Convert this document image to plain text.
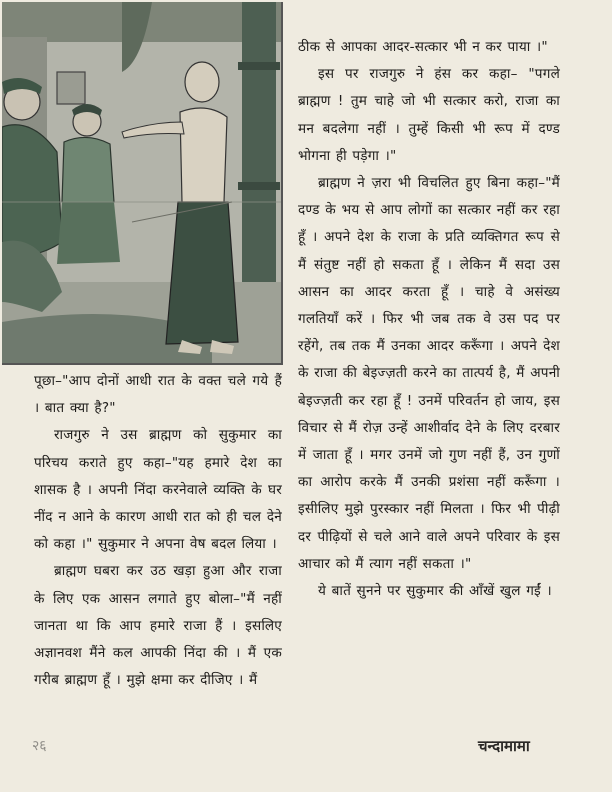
पूछा–"आप दोनों आधी रात के वक्त चले गये हैं । बात क्या है?"

राजगुरु ने उस ब्राह्मण को सुकुमार का परिचय कराते हुए कहा–"यह हमारे देश का शासक है । अपनी निंदा करनेवाले व्यक्ति के घर नींद न आने के कारण आधी रात को ही चल देने को कहा ।" सुकुमार ने अपना वेष बदल लिया ।

ब्राह्मण घबरा कर उठ खड़ा हुआ और राजा के लिए एक आसन लगाते हुए बोला–"मैं नहीं जानता था कि आप हमारे राजा हैं । इसलिए अज्ञानवश मैंने कल आपकी निंदा की । मैं एक गरीब ब्राह्मण हूँ । मुझे क्षमा कर दीजिए । मैं

ठीक से आपका आदर-सत्कार भी न कर पाया ।"

इस पर राजगुरु ने हंस कर कहा– "पगले ब्राह्मण ! तुम चाहे जो भी सत्कार करो, राजा का मन बदलेगा नहीं । तुम्हें किसी भी रूप में दण्ड भोगना ही पड़ेगा ।"

ब्राह्मण ने ज़रा भी विचलित हुए बिना कहा–"मैं दण्ड के भय से आप लोगों का सत्कार नहीं कर रहा हूँ । अपने देश के राजा के प्रति व्यक्तिगत रूप से मैं संतुष्ट नहीं हो सकता हूँ । लेकिन मैं सदा उस आसन का आदर करता हूँ । चाहे वे असंख्य गलतियाँ करें । फिर भी जब तक वे उस पद पर रहेंगे, तब तक मैं उनका आदर करूँगा । अपने देश के राजा की बेइज्ज़ती करने का तात्पर्य है, मैं अपनी बेइज्ज़ती कर रहा हूँ ! उनमें परिवर्तन हो जाय, इस विचार से मैं रोज़ उन्हें आशीर्वाद देने के लिए दरबार में जाता हूँ । मगर उनमें जो गुण नहीं हैं, उन गुणों का आरोप करके मैं उनकी प्रशंसा नहीं करूँगा । इसीलिए मुझे पुरस्कार नहीं मिलता । फिर भी पीढ़ी दर पीढ़ियों से चले आने वाले अपने परिवार के इस आचार को मैं त्याग नहीं सकता ।"

ये बातें सुनने पर सुकुमार की आँखें खुल गईं ।

२६	चन्दामामा
